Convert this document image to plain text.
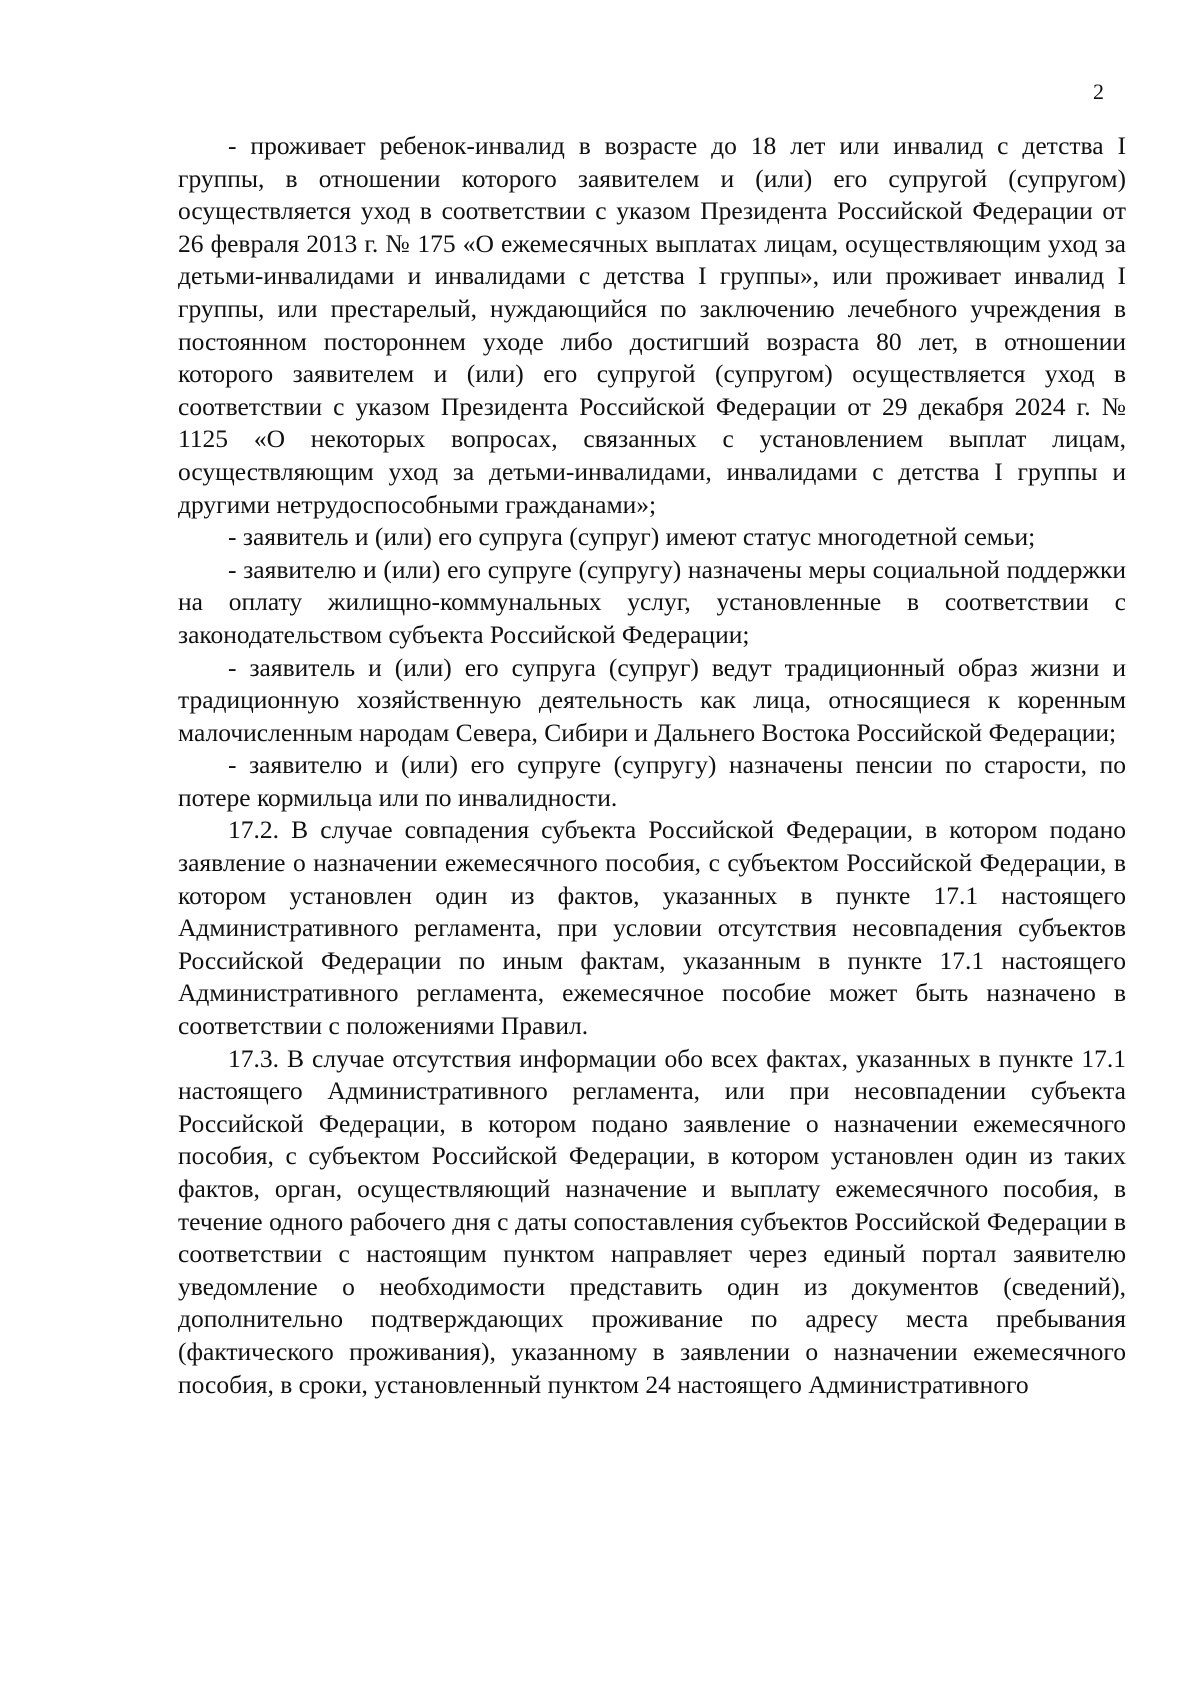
2

- проживает ребенок-инвалид в возрасте до 18 лет или инвалид с детства I группы, в отношении которого заявителем и (или) его супругой (супругом) осуществляется уход в соответствии с указом Президента Российской Федерации от 26 февраля 2013 г. № 175 «О ежемесячных выплатах лицам, осуществляющим уход за детьми-инвалидами и инвалидами с детства I группы», или проживает инвалид I группы, или престарелый, нуждающийся по заключению лечебного учреждения в постоянном постороннем уходе либо достигший возраста 80 лет, в отношении которого заявителем и (или) его супругой (супругом) осуществляется уход в соответствии с указом Президента Российской Федерации от 29 декабря 2024 г. № 1125 «О некоторых вопросах, связанных с установлением выплат лицам, осуществляющим уход за детьми-инвалидами, инвалидами с детства I группы и другими нетрудоспособными гражданами»;

- заявитель и (или) его супруга (супруг) имеют статус многодетной семьи;

- заявителю и (или) его супруге (супругу) назначены меры социальной поддержки на оплату жилищно-коммунальных услуг, установленные в соответствии с законодательством субъекта Российской Федерации;

- заявитель и (или) его супруга (супруг) ведут традиционный образ жизни и традиционную хозяйственную деятельность как лица, относящиеся к коренным малочисленным народам Севера, Сибири и Дальнего Востока Российской Федерации;

- заявителю и (или) его супруге (супругу) назначены пенсии по старости, по потере кормильца или по инвалидности.

17.2. В случае совпадения субъекта Российской Федерации, в котором подано заявление о назначении ежемесячного пособия, с субъектом Российской Федерации, в котором установлен один из фактов, указанных в пункте 17.1 настоящего Административного регламента, при условии отсутствия несовпадения субъектов Российской Федерации по иным фактам, указанным в пункте 17.1 настоящего Административного регламента, ежемесячное пособие может быть назначено в соответствии с положениями Правил.

17.3. В случае отсутствия информации обо всех фактах, указанных в пункте 17.1 настоящего Административного регламента, или при несовпадении субъекта Российской Федерации, в котором подано заявление о назначении ежемесячного пособия, с субъектом Российской Федерации, в котором установлен один из таких фактов, орган, осуществляющий назначение и выплату ежемесячного пособия, в течение одного рабочего дня с даты сопоставления субъектов Российской Федерации в соответствии с настоящим пунктом направляет через единый портал заявителю уведомление о необходимости представить один из документов (сведений), дополнительно подтверждающих проживание по адресу места пребывания (фактического проживания), указанному в заявлении о назначении ежемесячного пособия, в сроки, установленный пунктом 24 настоящего Административного
